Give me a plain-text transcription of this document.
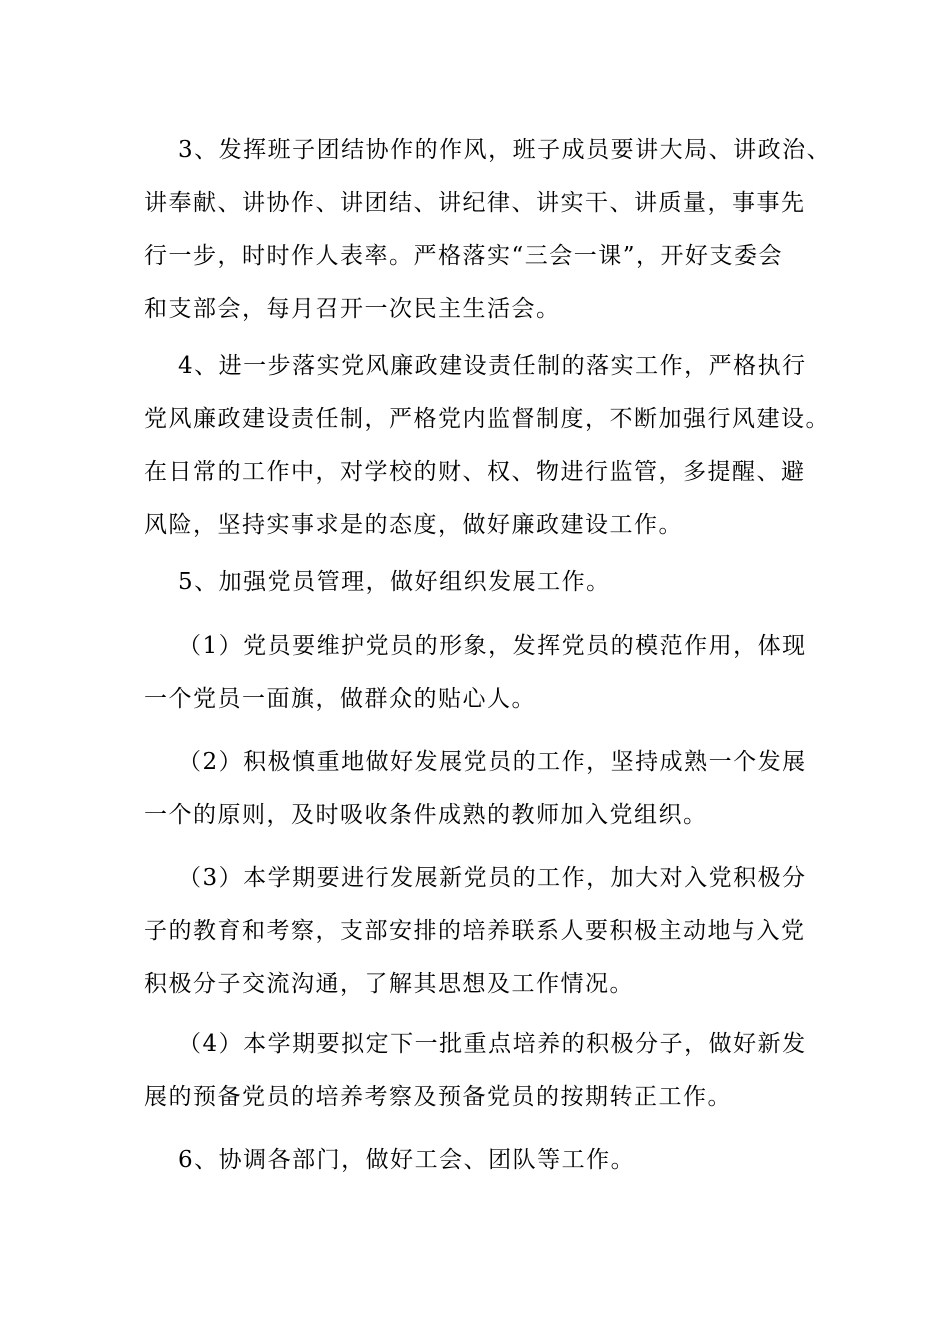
3、发挥班子团结协作的作风，班子成员要讲大局、讲政治、
讲奉献、讲协作、讲团结、讲纪律、讲实干、讲质量，事事先
行一步，时时作人表率。严格落实“三会一课”，开好支委会
和支部会，每月召开一次民主生活会。

4、进一步落实党风廉政建设责任制的落实工作，严格执行
党风廉政建设责任制，严格党内监督制度，不断加强行风建设。
在日常的工作中，对学校的财、权、物进行监管，多提醒、避
风险，坚持实事求是的态度，做好廉政建设工作。

5、加强党员管理，做好组织发展工作。

（1）党员要维护党员的形象，发挥党员的模范作用，体现
一个党员一面旗，做群众的贴心人。

（2）积极慎重地做好发展党员的工作，坚持成熟一个发展
一个的原则，及时吸收条件成熟的教师加入党组织。

（3）本学期要进行发展新党员的工作，加大对入党积极分
子的教育和考察，支部安排的培养联系人要积极主动地与入党
积极分子交流沟通，了解其思想及工作情况。

（4）本学期要拟定下一批重点培养的积极分子，做好新发
展的预备党员的培养考察及预备党员的按期转正工作。

6、协调各部门，做好工会、团队等工作。
